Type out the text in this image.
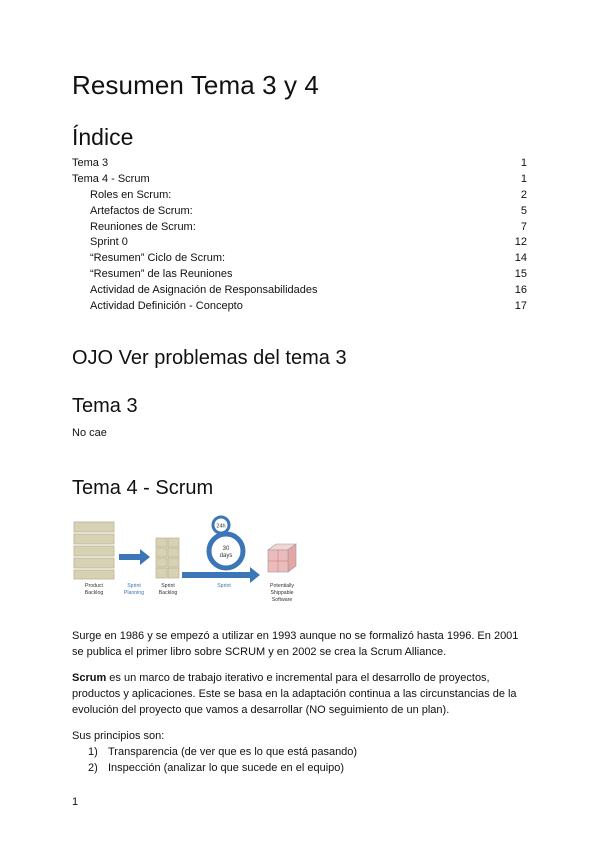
Resumen Tema 3 y 4
Índice
Tema 3	1
Tema 4 - Scrum	1
Roles en Scrum:	2
Artefactos de Scrum:	5
Reuniones de Scrum:	7
Sprint 0	12
“Resumen” Ciclo de Scrum:	14
“Resumen” de las Reuniones	15
Actividad de Asignación de Responsabilidades	16
Actividad Definición - Concepto	17
OJO Ver problemas del tema 3
Tema 3

No cae

Tema 4 - Scrum
24h
30
days
Product
Backlog
Sprint
Planning
Sprint
Backlog
Sprint	Potentially
Shippable
Software

Surge en 1986 y se empezó a utilizar en 1993 aunque no se formalizó hasta 1996. En 2001 se publica el primer libro sobre SCRUM y en 2002 se crea la Scrum Alliance.

Scrum es un marco de trabajo iterativo e incremental para el desarrollo de proyectos, productos y aplicaciones. Este se basa en la adaptación continua a las circunstancias de la evolución del proyecto que vamos a desarrollar (NO seguimiento de un plan).

Sus principios son:

1) Transparencia (de ver que es lo que está pasando)
2) Inspección (analizar lo que sucede en el equipo)
1
